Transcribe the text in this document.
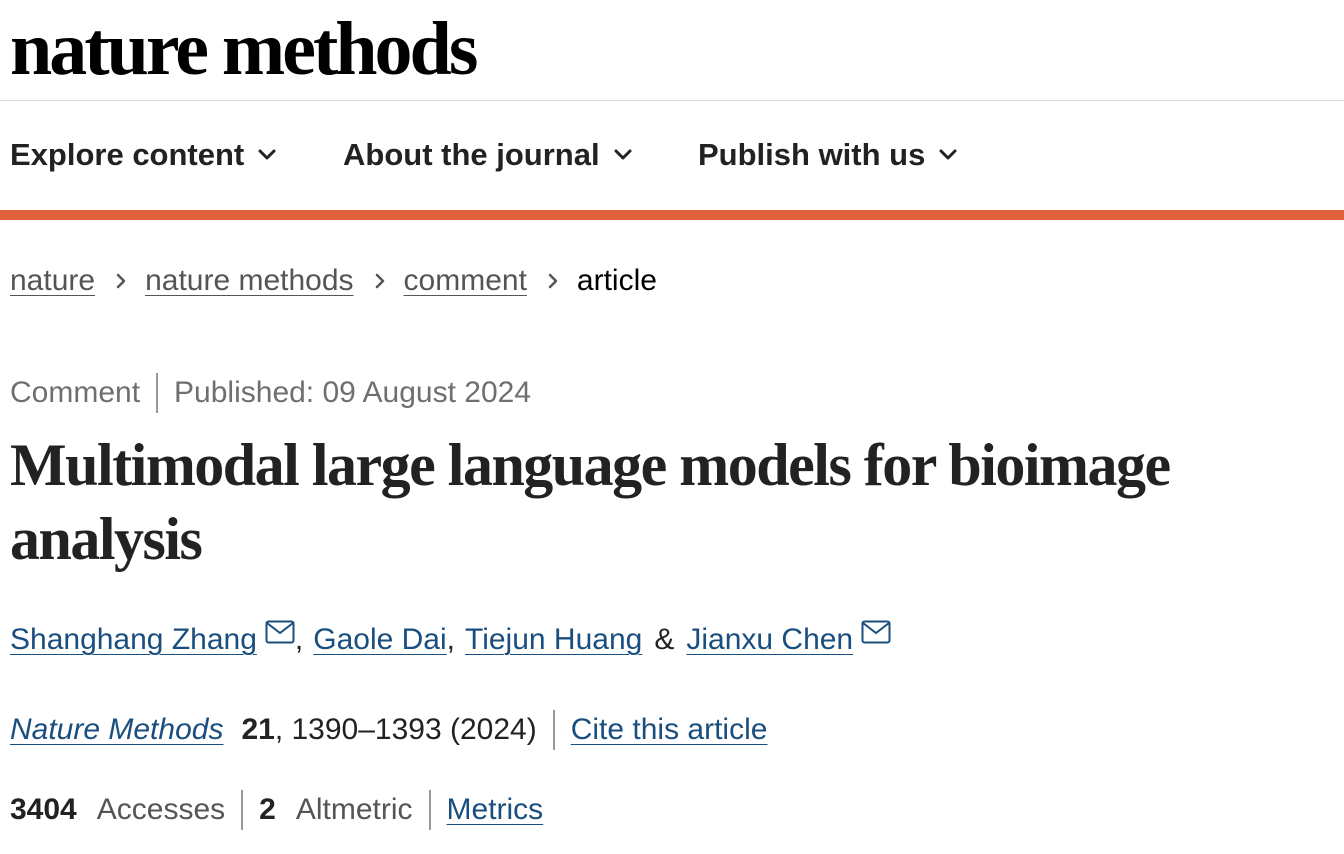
nature methods
Explore content	About the journal	Publish with us
nature nature methods comment article
Comment Published: 09 August 2024
Multimodal large language models for bioimage analysis
Shanghang Zhang , Gaole Dai , Tiejun Huang & Jianxu Chen
Nature Methods 21 , 1390–1393 (2024) Cite this article
3404 Accesses 2 Altmetric Metrics
